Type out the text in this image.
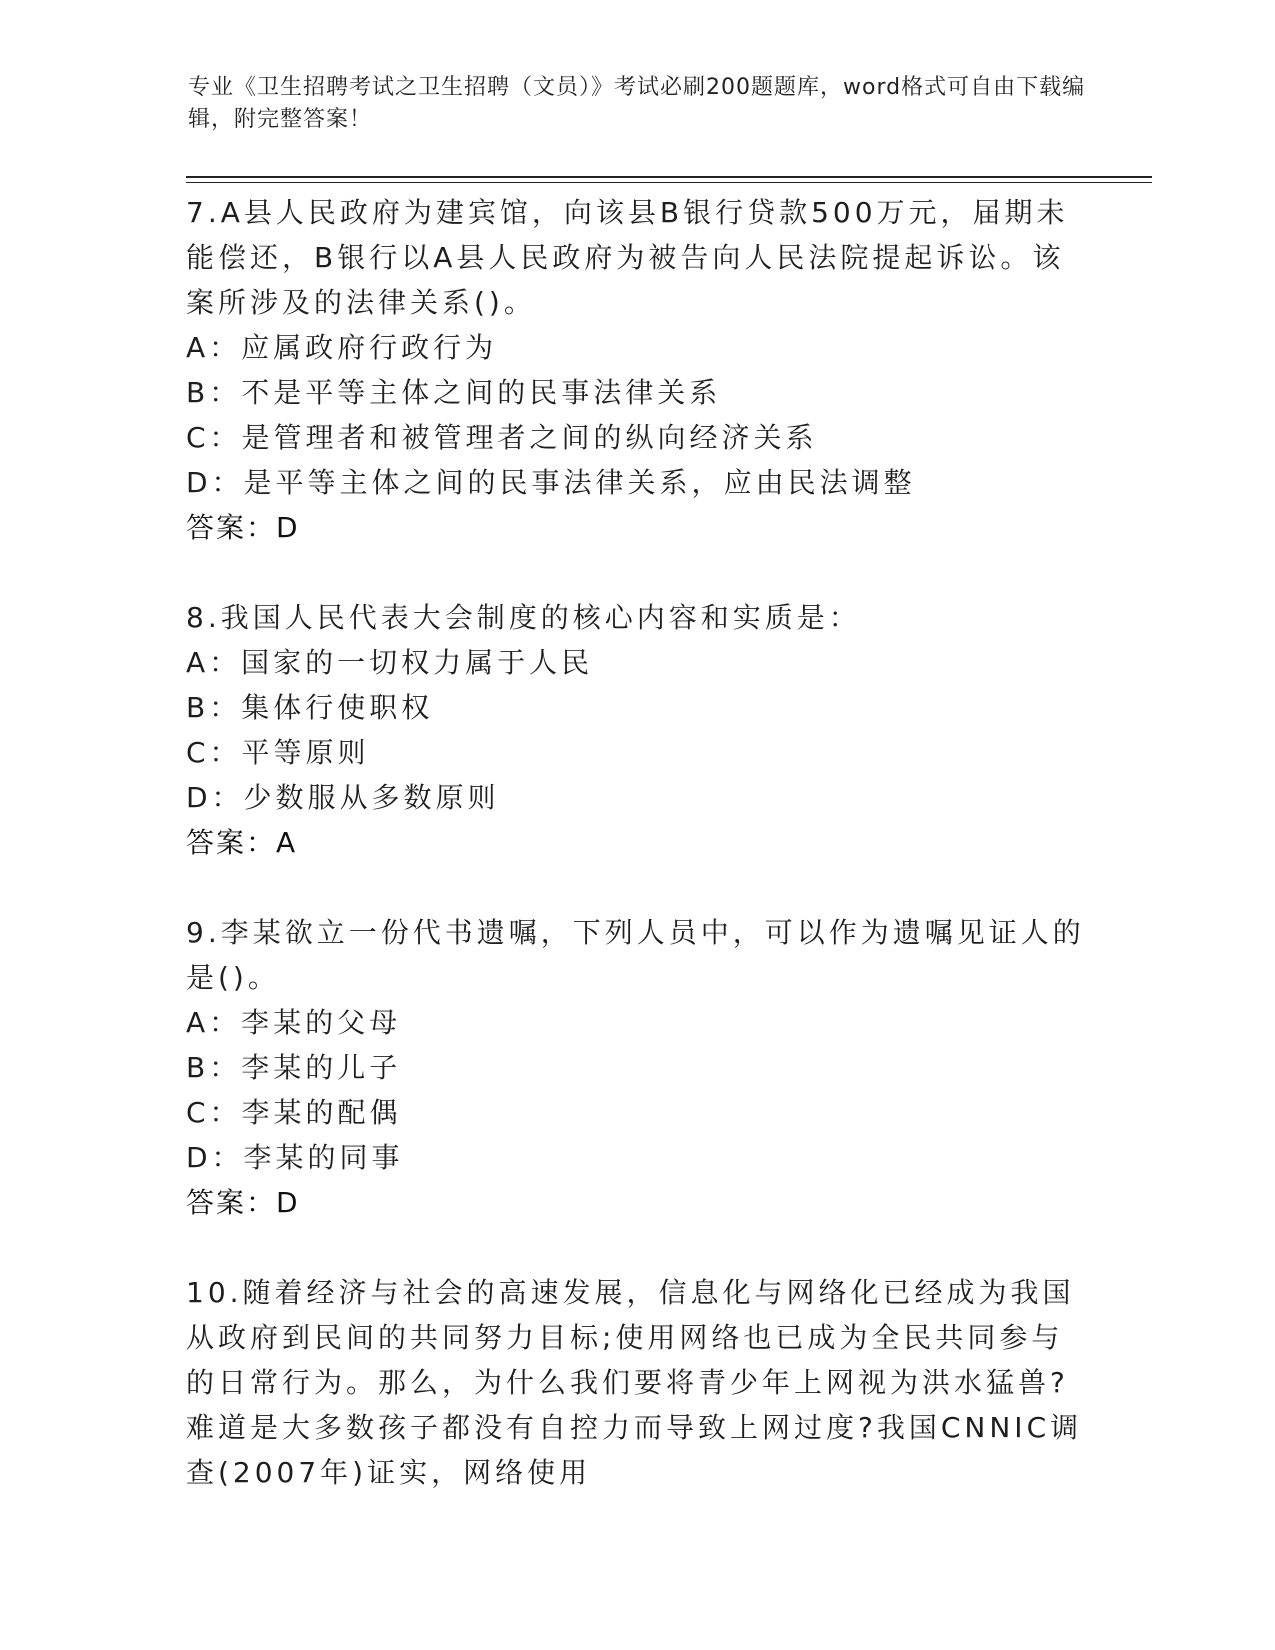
专业《卫生招聘考试之卫生招聘（文员）》考试必刷200题题库，word格式可自由下载编辑，附完整答案！

7.A县人民政府为建宾馆，向该县B银行贷款500万元，届期未能偿还，B银行以A县人民政府为被告向人民法院提起诉讼。该案所涉及的法律关系()。

A：应属政府行政行为

B：不是平等主体之间的民事法律关系

C：是管理者和被管理者之间的纵向经济关系

D：是平等主体之间的民事法律关系，应由民法调整

答案：D

8.我国人民代表大会制度的核心内容和实质是：

A：国家的一切权力属于人民

B：集体行使职权

C：平等原则

D：少数服从多数原则

答案：A

9.李某欲立一份代书遗嘱，下列人员中，可以作为遗嘱见证人的是()。

A：李某的父母

B：李某的儿子

C：李某的配偶

D：李某的同事

答案：D

10.随着经济与社会的高速发展，信息化与网络化已经成为我国从政府到民间的共同努力目标;使用网络也已成为全民共同参与的日常行为。那么，为什么我们要将青少年上网视为洪水猛兽?难道是大多数孩子都没有自控力而导致上网过度?我国CNNIC调查(2007年)证实，网络使用
